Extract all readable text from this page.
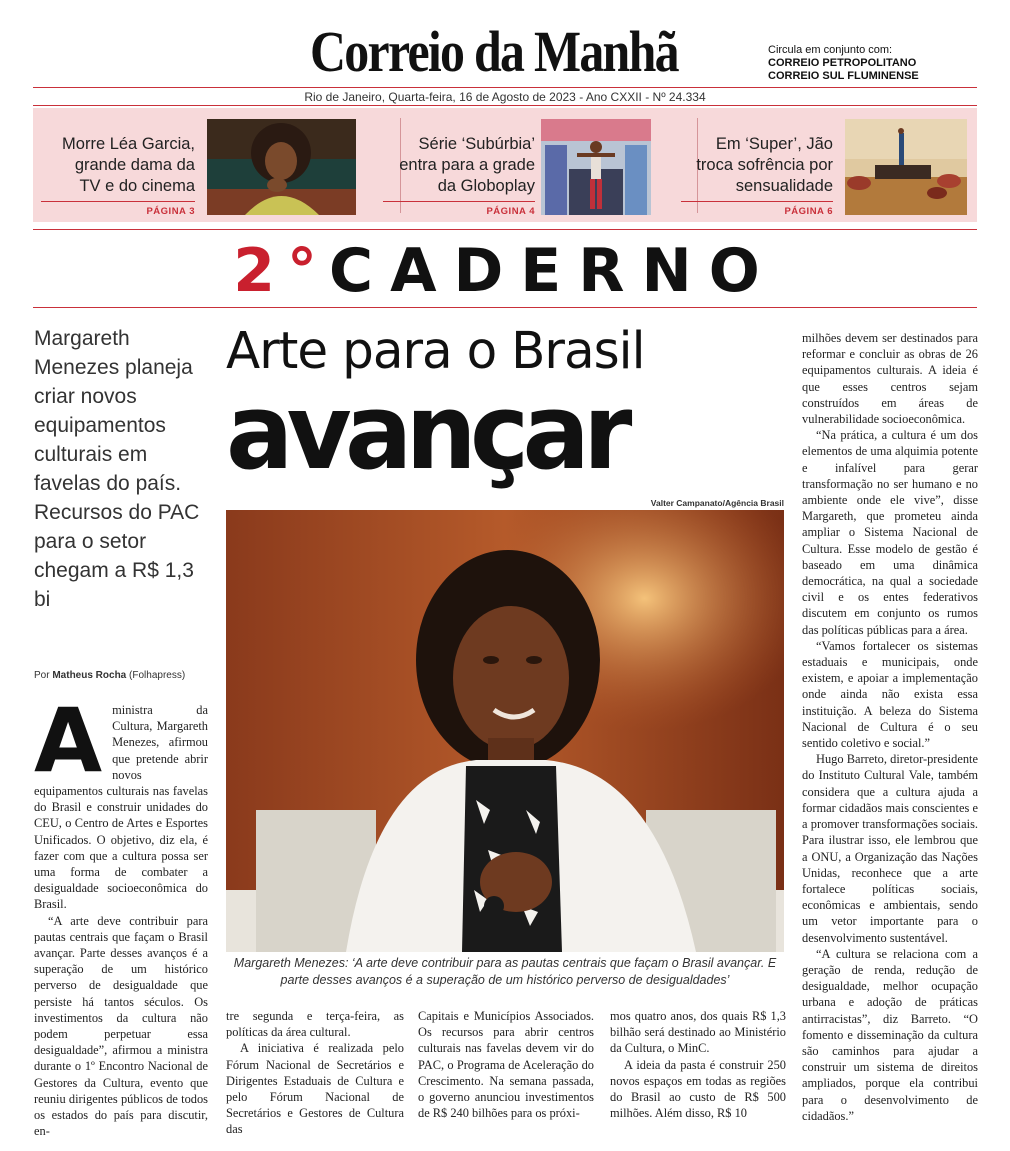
Correio da Manhã	Circula em conjunto com:
CORREIO PETROPOLITANO
CORREIO SUL FLUMINENSE
Rio de Janeiro, Quarta-feira, 16 de Agosto de 2023 - Ano CXXII - Nº 24.334
Morre Léa Garcia,
grande dama da
TV e do cinema
PÁGINA 3
Série ‘Subúrbia’
entra para a grade
da Globoplay
PÁGINA 4
Em ‘Super’, Jão
troca sofrência por
sensualidade
PÁGINA 6
2°CADERNO
Margareth Menezes planeja criar novos equipamentos culturais em favelas do país. Recursos do PAC para o setor chegam a R$ 1,3 bi
Por Matheus Rocha (Folhapress)
Arte para o Brasil
avançar
Valter Campanato/Agência Brasil
Margareth Menezes: ‘A arte deve contribuir para as pautas centrais que façam o Brasil avançar. E parte desses avanços é a superação de um histórico perverso de desigualdades’

Aministra da Cultura, Margareth Menezes, afirmou que pretende abrir novos equipamentos culturais nas favelas do Brasil e construir unidades do CEU, o Centro de Artes e Esportes Unificados. O objetivo, diz ela, é fazer com que a cultura possa ser uma forma de combater a desigualdade socioeconômica do Brasil.

“A arte deve contribuir para pautas centrais que façam o Brasil avançar. Parte desses avanços é a superação de um histórico perverso de desigualdade que persiste há tantos séculos. Os investimentos da cultura não podem perpetuar essa desigualdade”, afirmou a ministra durante o 1º Encontro Nacional de Gestores da Cultura, evento que reuniu dirigentes públicos de todos os estados do país para discutir, en-

tre segunda e terça-feira, as políticas da área cultural.

A iniciativa é realizada pelo Fórum Nacional de Secretários e Dirigentes Estaduais de Cultura e pelo Fórum Nacional de Secretários e Gestores de Cultura das

Capitais e Municípios Associados. Os recursos para abrir centros culturais nas favelas devem vir do PAC, o Programa de Aceleração do Crescimento. Na semana passada, o governo anunciou investimentos de R$ 240 bilhões para os próxi-

mos quatro anos, dos quais R$ 1,3 bilhão será destinado ao Ministério da Cultura, o MinC.

A ideia da pasta é construir 250 novos espaços em todas as regiões do Brasil ao custo de R$ 500 milhões. Além disso, R$ 10

milhões devem ser destinados para reformar e concluir as obras de 26 equipamentos culturais. A ideia é que esses centros sejam construídos em áreas de vulnerabilidade socioeconômica.

“Na prática, a cultura é um dos elementos de uma alquimia potente e infalível para gerar transformação no ser humano e no ambiente onde ele vive”, disse Margareth, que prometeu ainda ampliar o Sistema Nacional de Cultura. Esse modelo de gestão é baseado em uma dinâmica democrática, na qual a sociedade civil e os entes federativos discutem em conjunto os rumos das políticas públicas para a área.

“Vamos fortalecer os sistemas estaduais e municipais, onde existem, e apoiar a implementação onde ainda não exista essa instituição. A beleza do Sistema Nacional de Cultura é o seu sentido coletivo e social.”

Hugo Barreto, diretor-presidente do Instituto Cultural Vale, também considera que a cultura ajuda a formar cidadãos mais conscientes e a promover transformações sociais. Para ilustrar isso, ele lembrou que a ONU, a Organização das Nações Unidas, reconhece que a arte fortalece políticas sociais, econômicas e ambientais, sendo um vetor importante para o desenvolvimento sustentável.

“A cultura se relaciona com a geração de renda, redução de desigualdade, melhor ocupação urbana e adoção de práticas antirracistas”, diz Barreto. “O fomento e disseminação da cultura são caminhos para ajudar a construir um sistema de direitos ampliados, porque ela contribui para o desenvolvimento de cidadãos.”
